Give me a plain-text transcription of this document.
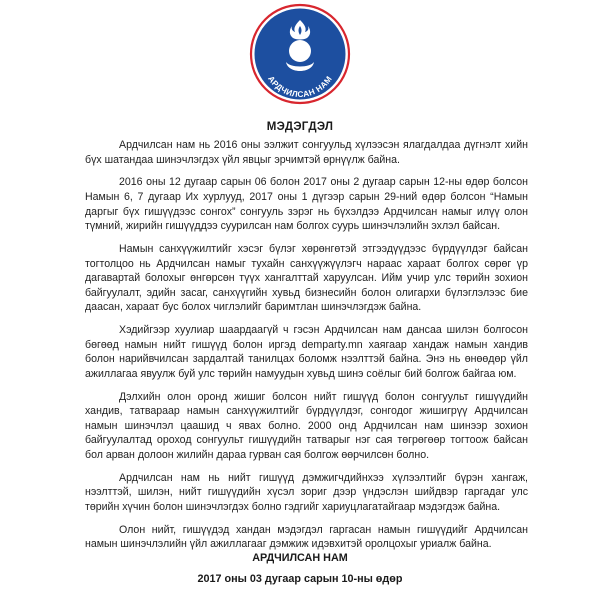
АРДЧИЛСАН НАМ
МЭДЭГДЭЛ

Ардчилсан нам нь 2016 оны ээлжит сонгуульд хүлээсэн ялагдалдаа дүгнэлт хийн бүх шатандаа шинэчлэгдэх үйл явцыг эрчимтэй өрнүүлж байна.

2016 оны 12 дугаар сарын 06 болон 2017 оны 2 дугаар сарын 12-ны өдөр болсон Намын 6, 7 дугаар Их хурлууд, 2017 оны 1 дүгээр сарын 29-ний өдөр болсон “Намын даргыг бүх гишүүдээс сонгох” сонгууль зэрэг нь бүхэлдээ Ардчилсан намыг илүү олон түмний, жирийн гишүүддээ суурилсан нам болгох суурь шинэчлэлийн эхлэл байсан.

Намын санхүүжилтийг хэсэг бүлэг хөрөнгөтэй этгээдүүдээс бүрдүүлдэг байсан тогтолцоо нь Ардчилсан намыг тухайн санхүүжүүлэгч нараас хараат болгох сөрөг үр дагавартай болохыг өнгөрсөн түүх хангалттай харуулсан. Ийм учир улс төрийн зохион байгуулалт, эдийн засаг, санхүүгийн хувьд бизнесийн болон олигархи бүлэглэлээс бие даасан, хараат бус болох чиглэлийг баримтлан шинэчлэгдэж байна.

Хэдийгээр хуулиар шаардаагүй ч гэсэн Ардчилсан нам дансаа шилэн болгосон бөгөөд намын нийт гишүүд болон иргэд demparty.mn хаягаар хандаж намын хандив болон нарийвчилсан зардалтай танилцах боломж нээлттэй байна. Энэ нь өнөөдөр үйл ажиллагаа явуулж буй улс төрийн намуудын хувьд шинэ соёлыг бий болгож байгаа юм.

Дэлхийн олон оронд жишиг болсон нийт гишүүд болон сонгуульт гишүүдийн хандив, татвараар намын санхүүжилтийг бүрдүүлдэг, сонгодог жишигрүү Ардчилсан намын шинэчлэл цаашид ч явах болно. 2000 онд Ардчилсан нам шинээр зохион байгуулалтад ороход сонгуульт гишүүдийн татварыг нэг сая төгрөгөөр тогтоож байсан бол арван долоон жилийн дараа гурван сая болгож өөрчилсөн болно.

Ардчилсан нам нь нийт гишүүд дэмжигчдийнхээ хүлээлтийг бүрэн хангаж, нээлттэй, шилэн, нийт гишүүдийн хүсэл зориг дээр үндэслэн шийдвэр гаргадаг улс төрийн хүчин болон шинэчлэгдэх болно гэдгийг хариуцлагатайгаар мэдэгдэж байна.

Олон нийт, гишүүдэд хандан мэдэгдэл гаргасан намын гишүүдийг Ардчилсан намын шинэчлэлийн үйл ажиллагааг дэмжиж идэвхитэй оролцохыг уриалж байна.

АРДЧИЛСАН НАМ
2017 оны 03 дугаар сарын 10-ны өдөр
